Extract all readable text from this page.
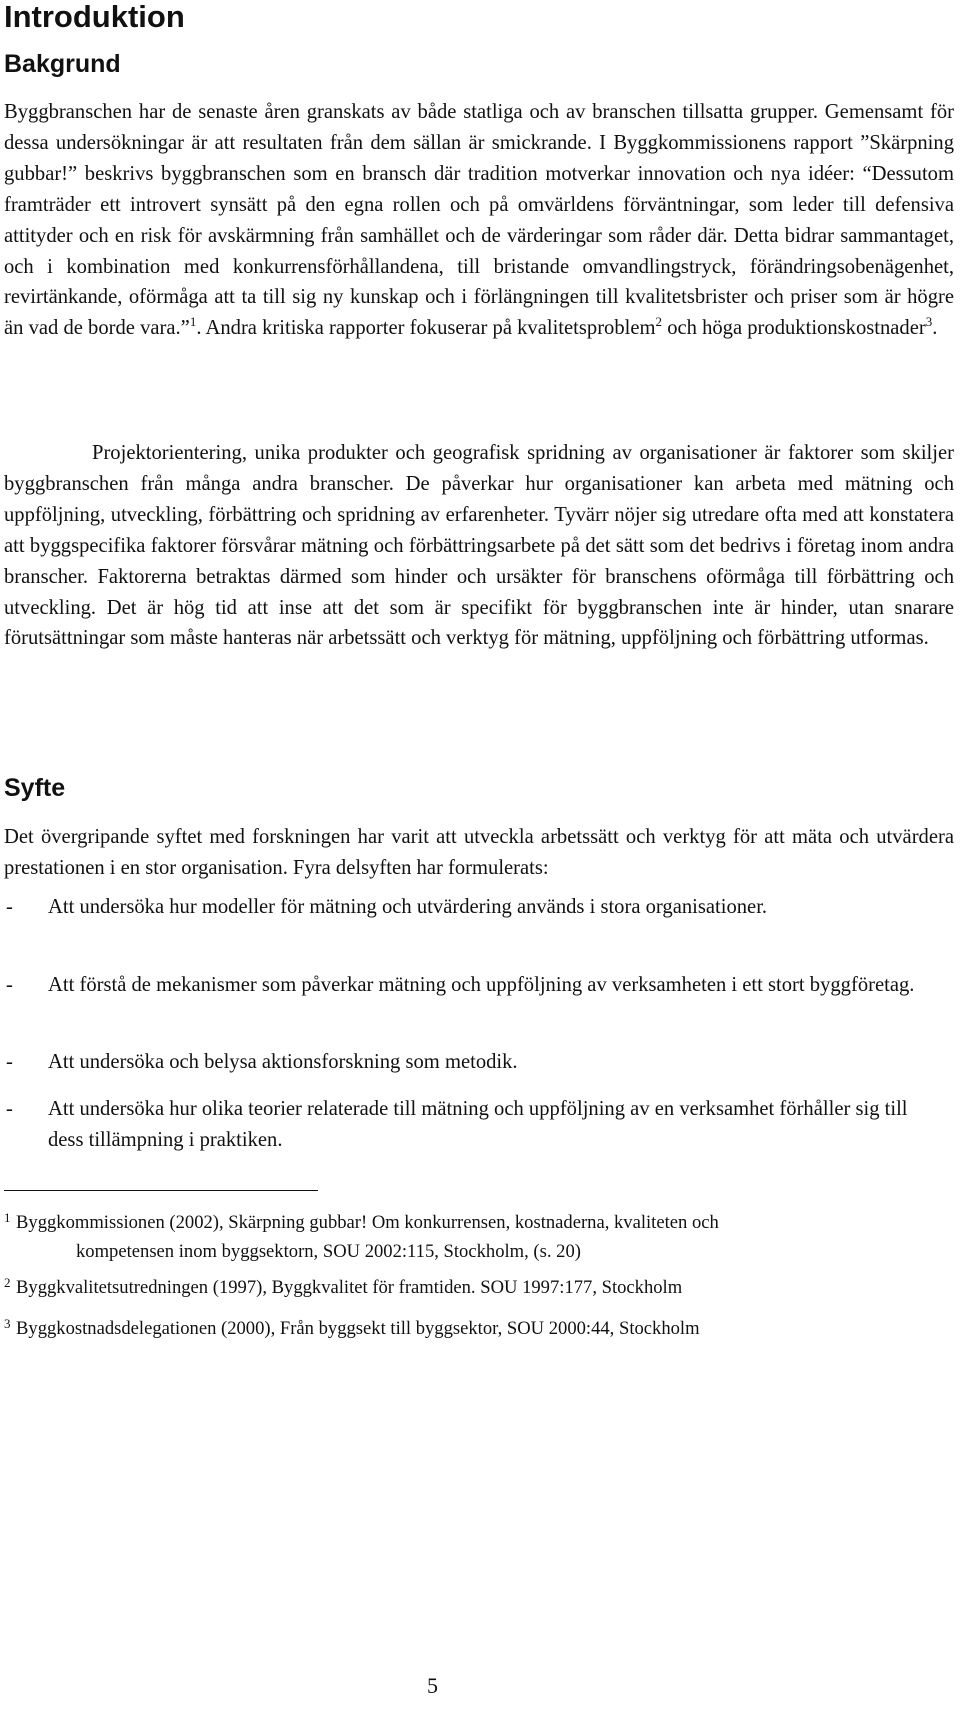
Introduktion
Bakgrund

Byggbranschen har de senaste åren granskats av både statliga och av branschen tillsatta grupper. Gemensamt för dessa undersökningar är att resultaten från dem sällan är smickrande. I Byggkommissionens rapport ”Skärpning gubbar!” beskrivs byggbranschen som en bransch där tradition motverkar innovation och nya idéer: “Dessutom framträder ett introvert synsätt på den egna rollen och på omvärldens förväntningar, som leder till defensiva attityder och en risk för avskärmning från samhället och de värderingar som råder där. Detta bidrar sammantaget, och i kombination med konkurrensförhållandena, till bristande omvandlingstryck, förändringsobenägenhet, revirtänkande, oförmåga att ta till sig ny kunskap och i förlängningen till kvalitetsbrister och priser som är högre än vad de borde vara.”$^1$. Andra kritiska rapporter fokuserar på kvalitetsproblem$^2$ och höga produktionskostnader$^3$.

Projektorientering, unika produkter och geografisk spridning av organisationer är faktorer som skiljer byggbranschen från många andra branscher. De påverkar hur organisationer kan arbeta med mätning och uppföljning, utveckling, förbättring och spridning av erfarenheter. Tyvärr nöjer sig utredare ofta med att konstatera att byggspecifika faktorer försvårar mätning och förbättringsarbete på det sätt som det bedrivs i företag inom andra branscher. Faktorerna betraktas därmed som hinder och ursäkter för branschens oförmåga till förbättring och utveckling. Det är hög tid att inse att det som är specifikt för byggbranschen inte är hinder, utan snarare förutsättningar som måste hanteras när arbetssätt och verktyg för mätning, uppföljning och förbättring utformas.

Syfte

Det övergripande syftet med forskningen har varit att utveckla arbetssätt och verktyg för att mäta och utvärdera prestationen i en stor organisation. Fyra delsyften har formulerats:

- Att undersöka hur modeller för mätning och utvärdering används i stora organisationer.
- Att förstå de mekanismer som påverkar mätning och uppföljning av verksamheten i ett stort byggföretag.
- Att undersöka och belysa aktionsforskning som metodik.
- Att undersöka hur olika teorier relaterade till mätning och uppföljning av en verksamhet förhåller sig till dess tillämpning i praktiken.
1 Byggkommissionen (2002), Skärpning gubbar! Om konkurrensen, kostnaderna, kvaliteten och
kompetensen inom byggsektorn, SOU 2002:115, Stockholm, (s. 20)
2 Byggkvalitetsutredningen (1997), Byggkvalitet för framtiden. SOU 1997:177, Stockholm
3 Byggkostnadsdelegationen (2000), Från byggsekt till byggsektor, SOU 2000:44, Stockholm
5
